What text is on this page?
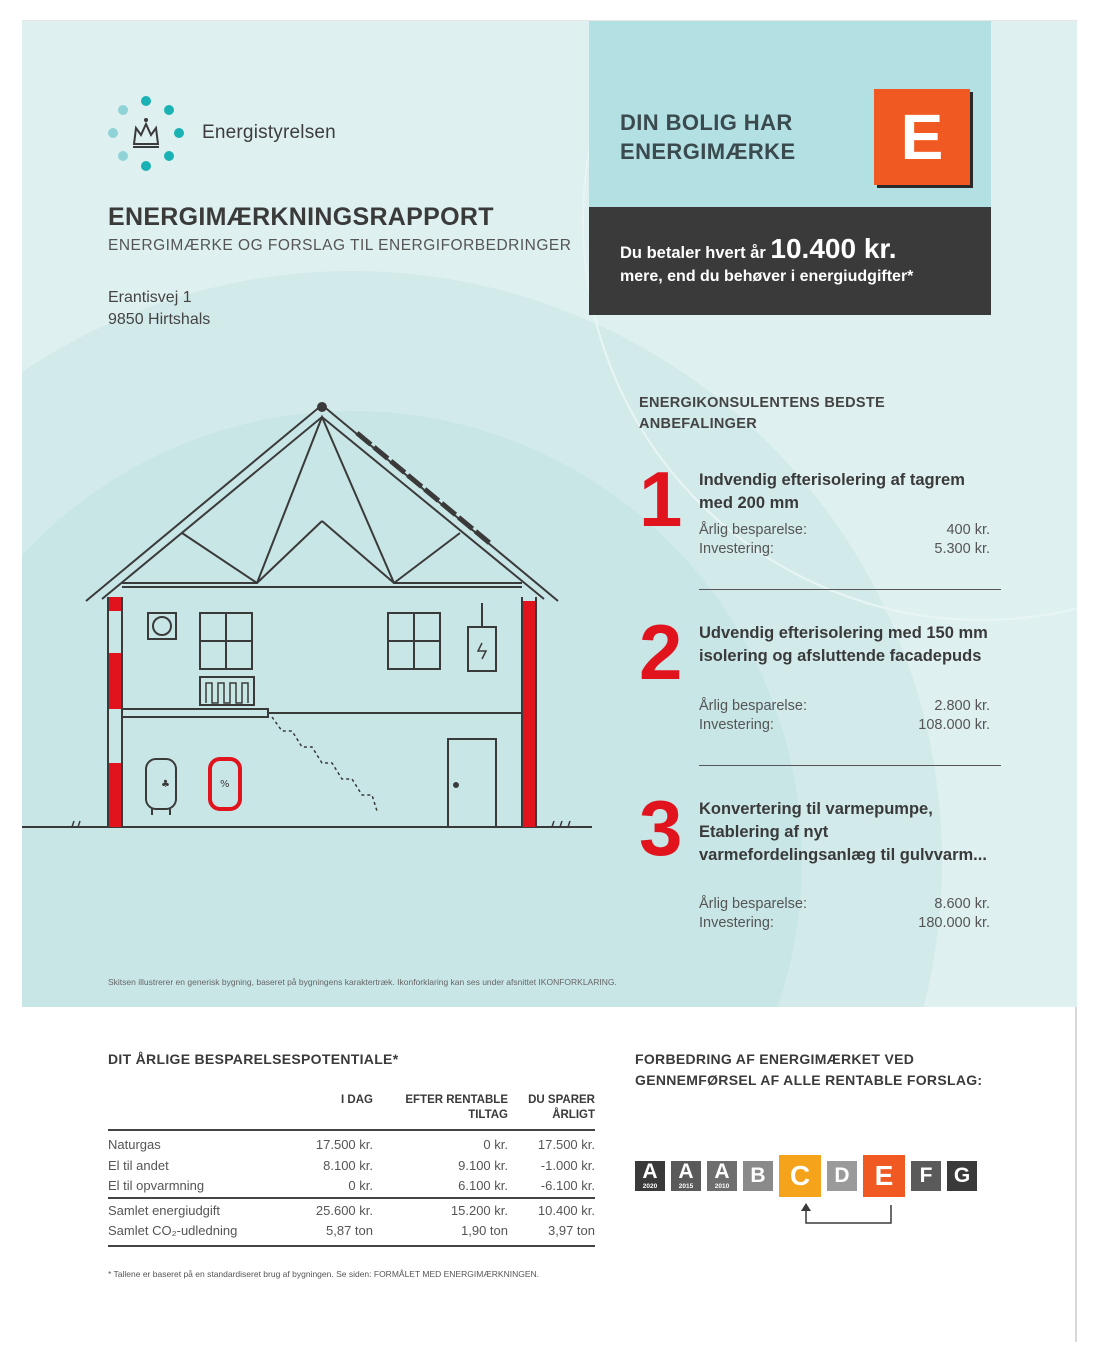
Energistyrelsen
ENERGIMÆRKNINGSRAPPORT
ENERGIMÆRKE OG FORSLAG TIL ENERGIFORBEDRINGER
Erantisvej 1
9850 Hirtshals
DIN BOLIG HAR
ENERGIMÆRKE	E
Du betaler hvert år 10.400 kr.
mere, end du behøver i energiudgifter*
♣	%
ENERGIKONSULENTENS BEDSTE ANBEFALINGER
1 Indvendig efterisolering af tagrem med 200 mm
Årlig besparelse:	400 kr.
Investering:	5.300 kr.
2 Udvendig efterisolering med 150 mm isolering og afsluttende facadepuds
Årlig besparelse:	2.800 kr.
Investering:	108.000 kr.
3 Konvertering til varmepumpe, Etablering af nyt varmefordelingsanlæg til gulvvarm...
Årlig besparelse:	8.600 kr.
Investering:	180.000 kr.
Skitsen illustrerer en generisk bygning, baseret på bygningens karaktertræk. Ikonforklaring kan ses under afsnittet IKONFORKLARING.
DIT ÅRLIGE BESPARELSESPOTENTIALE*
	I DAG	EFTER RENTABLE TILTAG	DU SPARER ÅRLIGT
Naturgas	17.500 kr.	0 kr.	17.500 kr.
El til andet	8.100 kr.	9.100 kr.	-1.000 kr.
El til opvarmning	0 kr.	6.100 kr.	-6.100 kr.
Samlet energiudgift	25.600 kr.	15.200 kr.	10.400 kr.
Samlet CO₂-udledning	5,87 ton	1,90 ton	3,97 ton
* Tallene er baseret på en standardiseret brug af bygningen. Se siden: FORMÅLET MED ENERGIMÆRKNINGEN.
FORBEDRING AF ENERGIMÆRKET VED GENNEMFØRSEL AF ALLE RENTABLE FORSLAG:
A
2020
A
2015
A
2010	B C	D E	F	G
